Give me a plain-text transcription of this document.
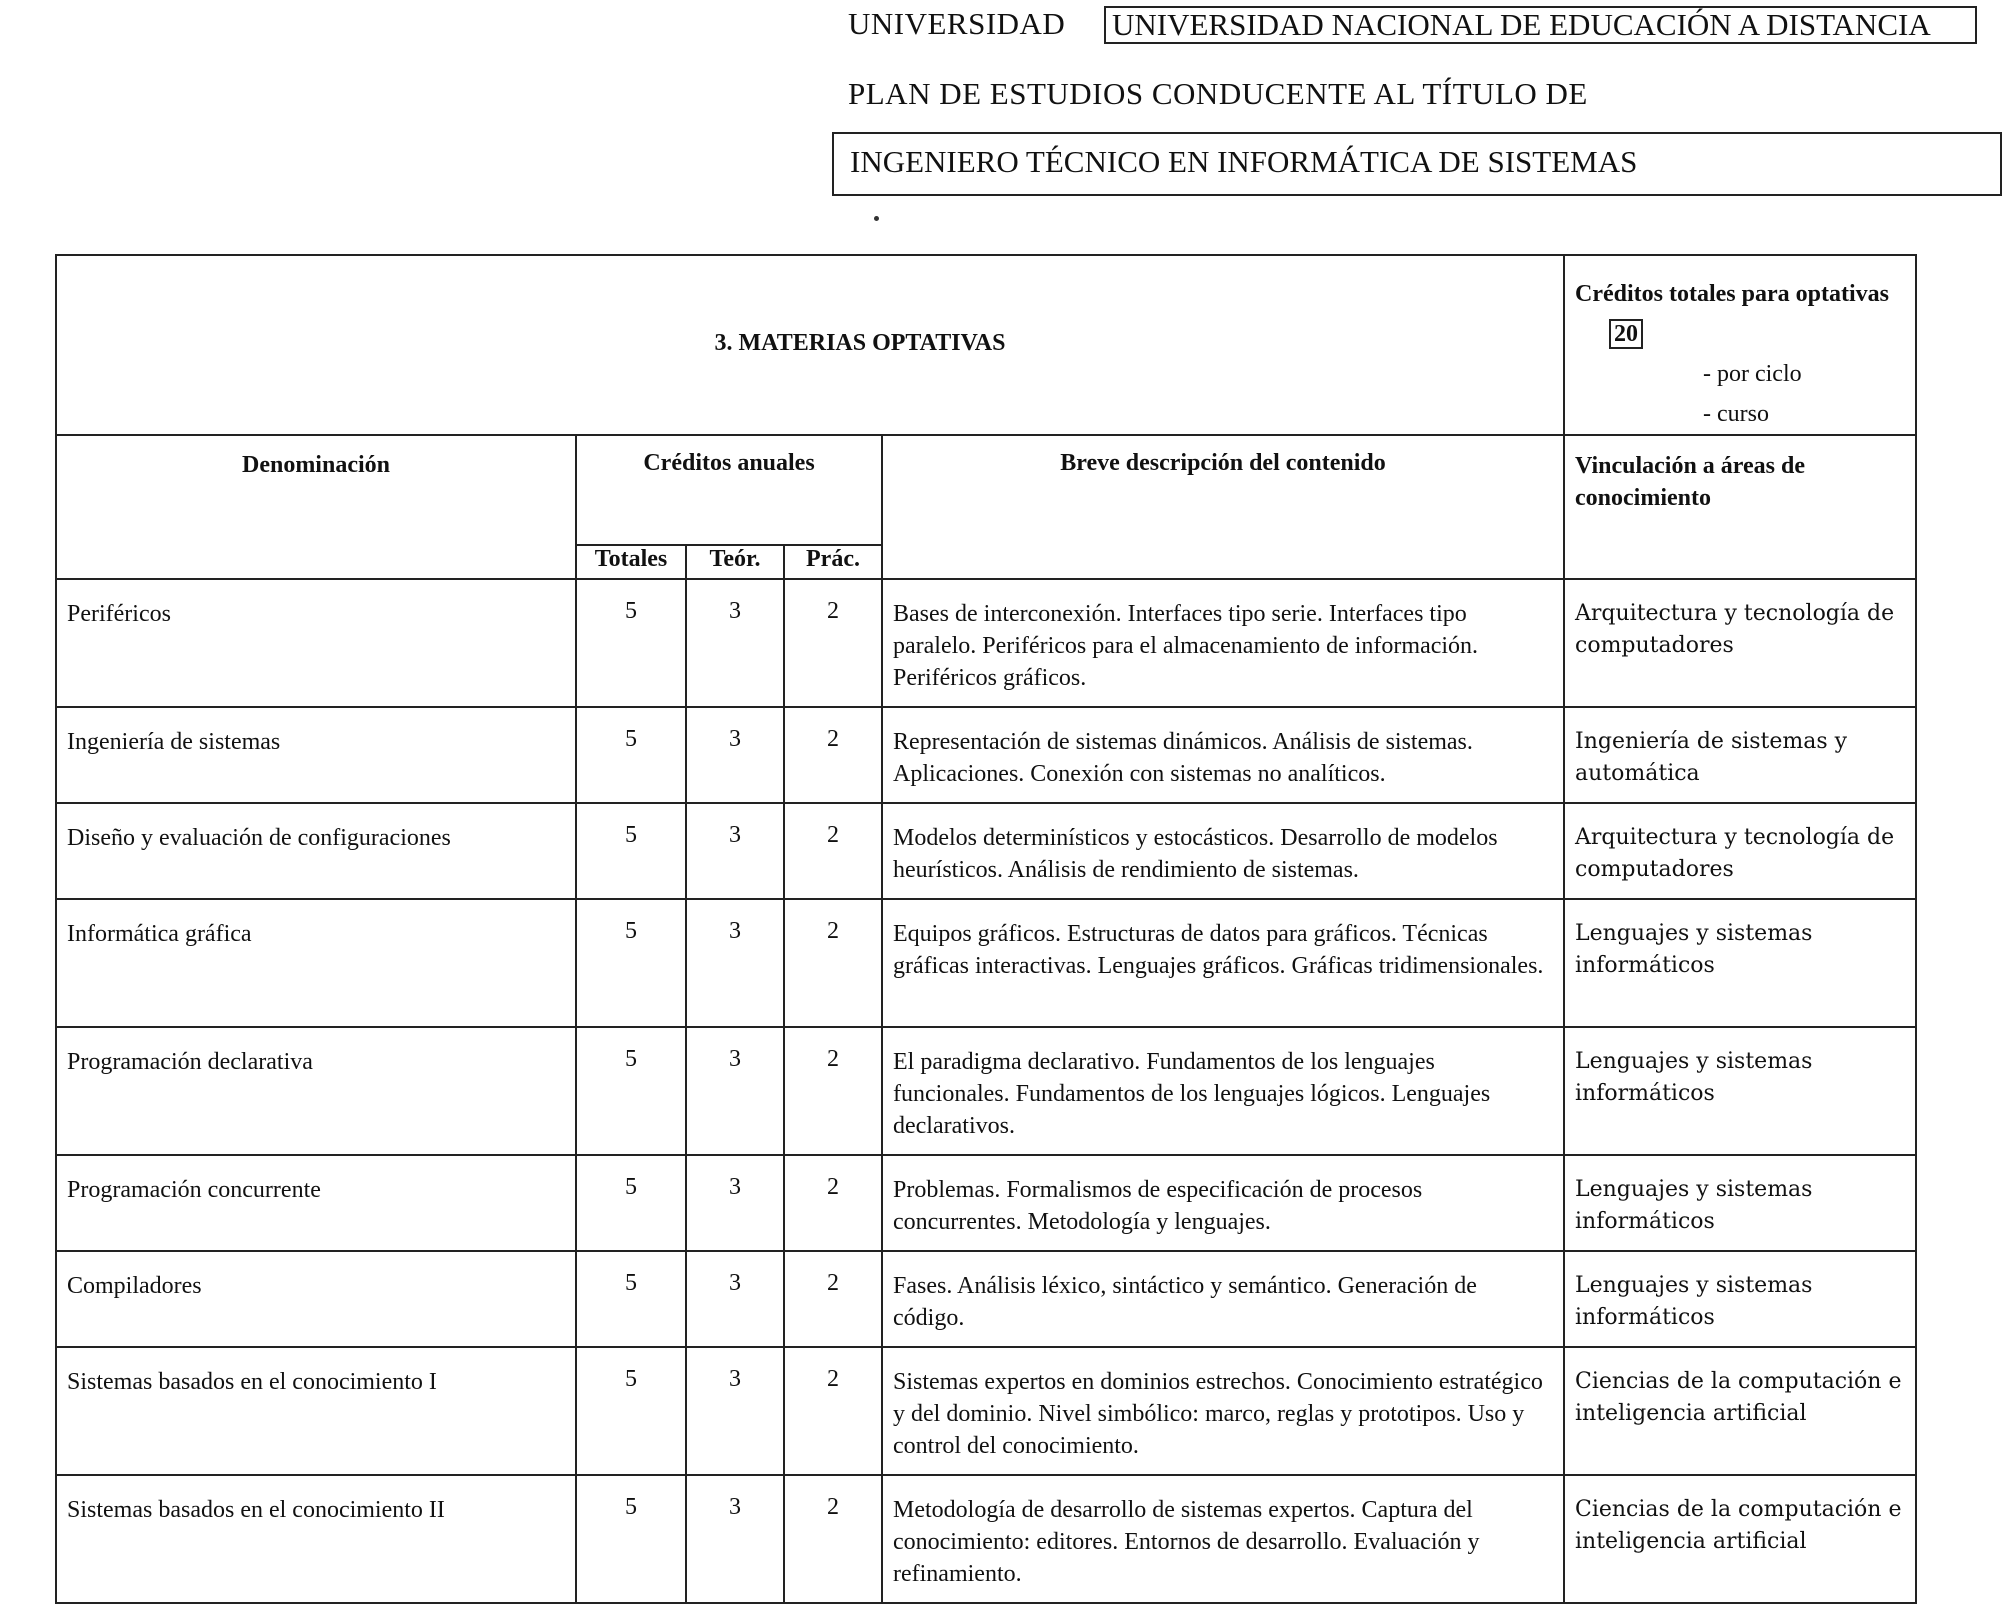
UNIVERSIDAD UNIVERSIDAD NACIONAL DE EDUCACIÓN A DISTANCIA
PLAN DE ESTUDIOS CONDUCENTE AL TÍTULO DE
INGENIERO TÉCNICO EN INFORMÁTICA DE SISTEMAS
3. MATERIAS OPTATIVAS					Créditos totales para optativas20
- por ciclo
- curso

Denominación	Créditos anuales			Breve descripción del contenido	Vinculación a áreas de conocimiento

	Totales	Teór.	Prác.		

Periféricos	5	3	2	Bases de interconexión. Interfaces tipo serie. Interfaces tipo paralelo. Periféricos para el almacenamiento de información. Periféricos gráficos.	Arquitectura y tecnología de computadores

Ingeniería de sistemas	5	3	2	Representación de sistemas dinámicos. Análisis de sistemas. Aplicaciones. Conexión con sistemas no analíticos.	Ingeniería de sistemas y automática

Diseño y evaluación de configuraciones	5	3	2	Modelos determinísticos y estocásticos. Desarrollo de modelos heurísticos. Análisis de rendimiento de sistemas.	Arquitectura y tecnología de computadores

Informática gráfica	5	3	2	Equipos gráficos. Estructuras de datos para gráficos. Técnicas gráficas interactivas. Lenguajes gráficos. Gráficas tridimensionales.	Lenguajes y sistemas informáticos

Programación declarativa	5	3	2	El paradigma declarativo. Fundamentos de los lenguajes funcionales. Fundamentos de los lenguajes lógicos. Lenguajes declarativos.	Lenguajes y sistemas informáticos

Programación concurrente	5	3	2	Problemas. Formalismos de especificación de procesos concurrentes. Metodología y lenguajes.	Lenguajes y sistemas informáticos

Compiladores	5	3	2	Fases. Análisis léxico, sintáctico y semántico. Generación de código.	Lenguajes y sistemas informáticos

Sistemas basados en el conocimiento I	5	3	2	Sistemas expertos en dominios estrechos. Conocimiento estratégico y del dominio. Nivel simbólico: marco, reglas y prototipos. Uso y control del conocimiento.	Ciencias de la computación e inteligencia artificial

Sistemas basados en el conocimiento II	5	3	2	Metodología de desarrollo de sistemas expertos. Captura del conocimiento: editores. Entornos de desarrollo. Evaluación y refinamiento.	Ciencias de la computación e inteligencia artificial
